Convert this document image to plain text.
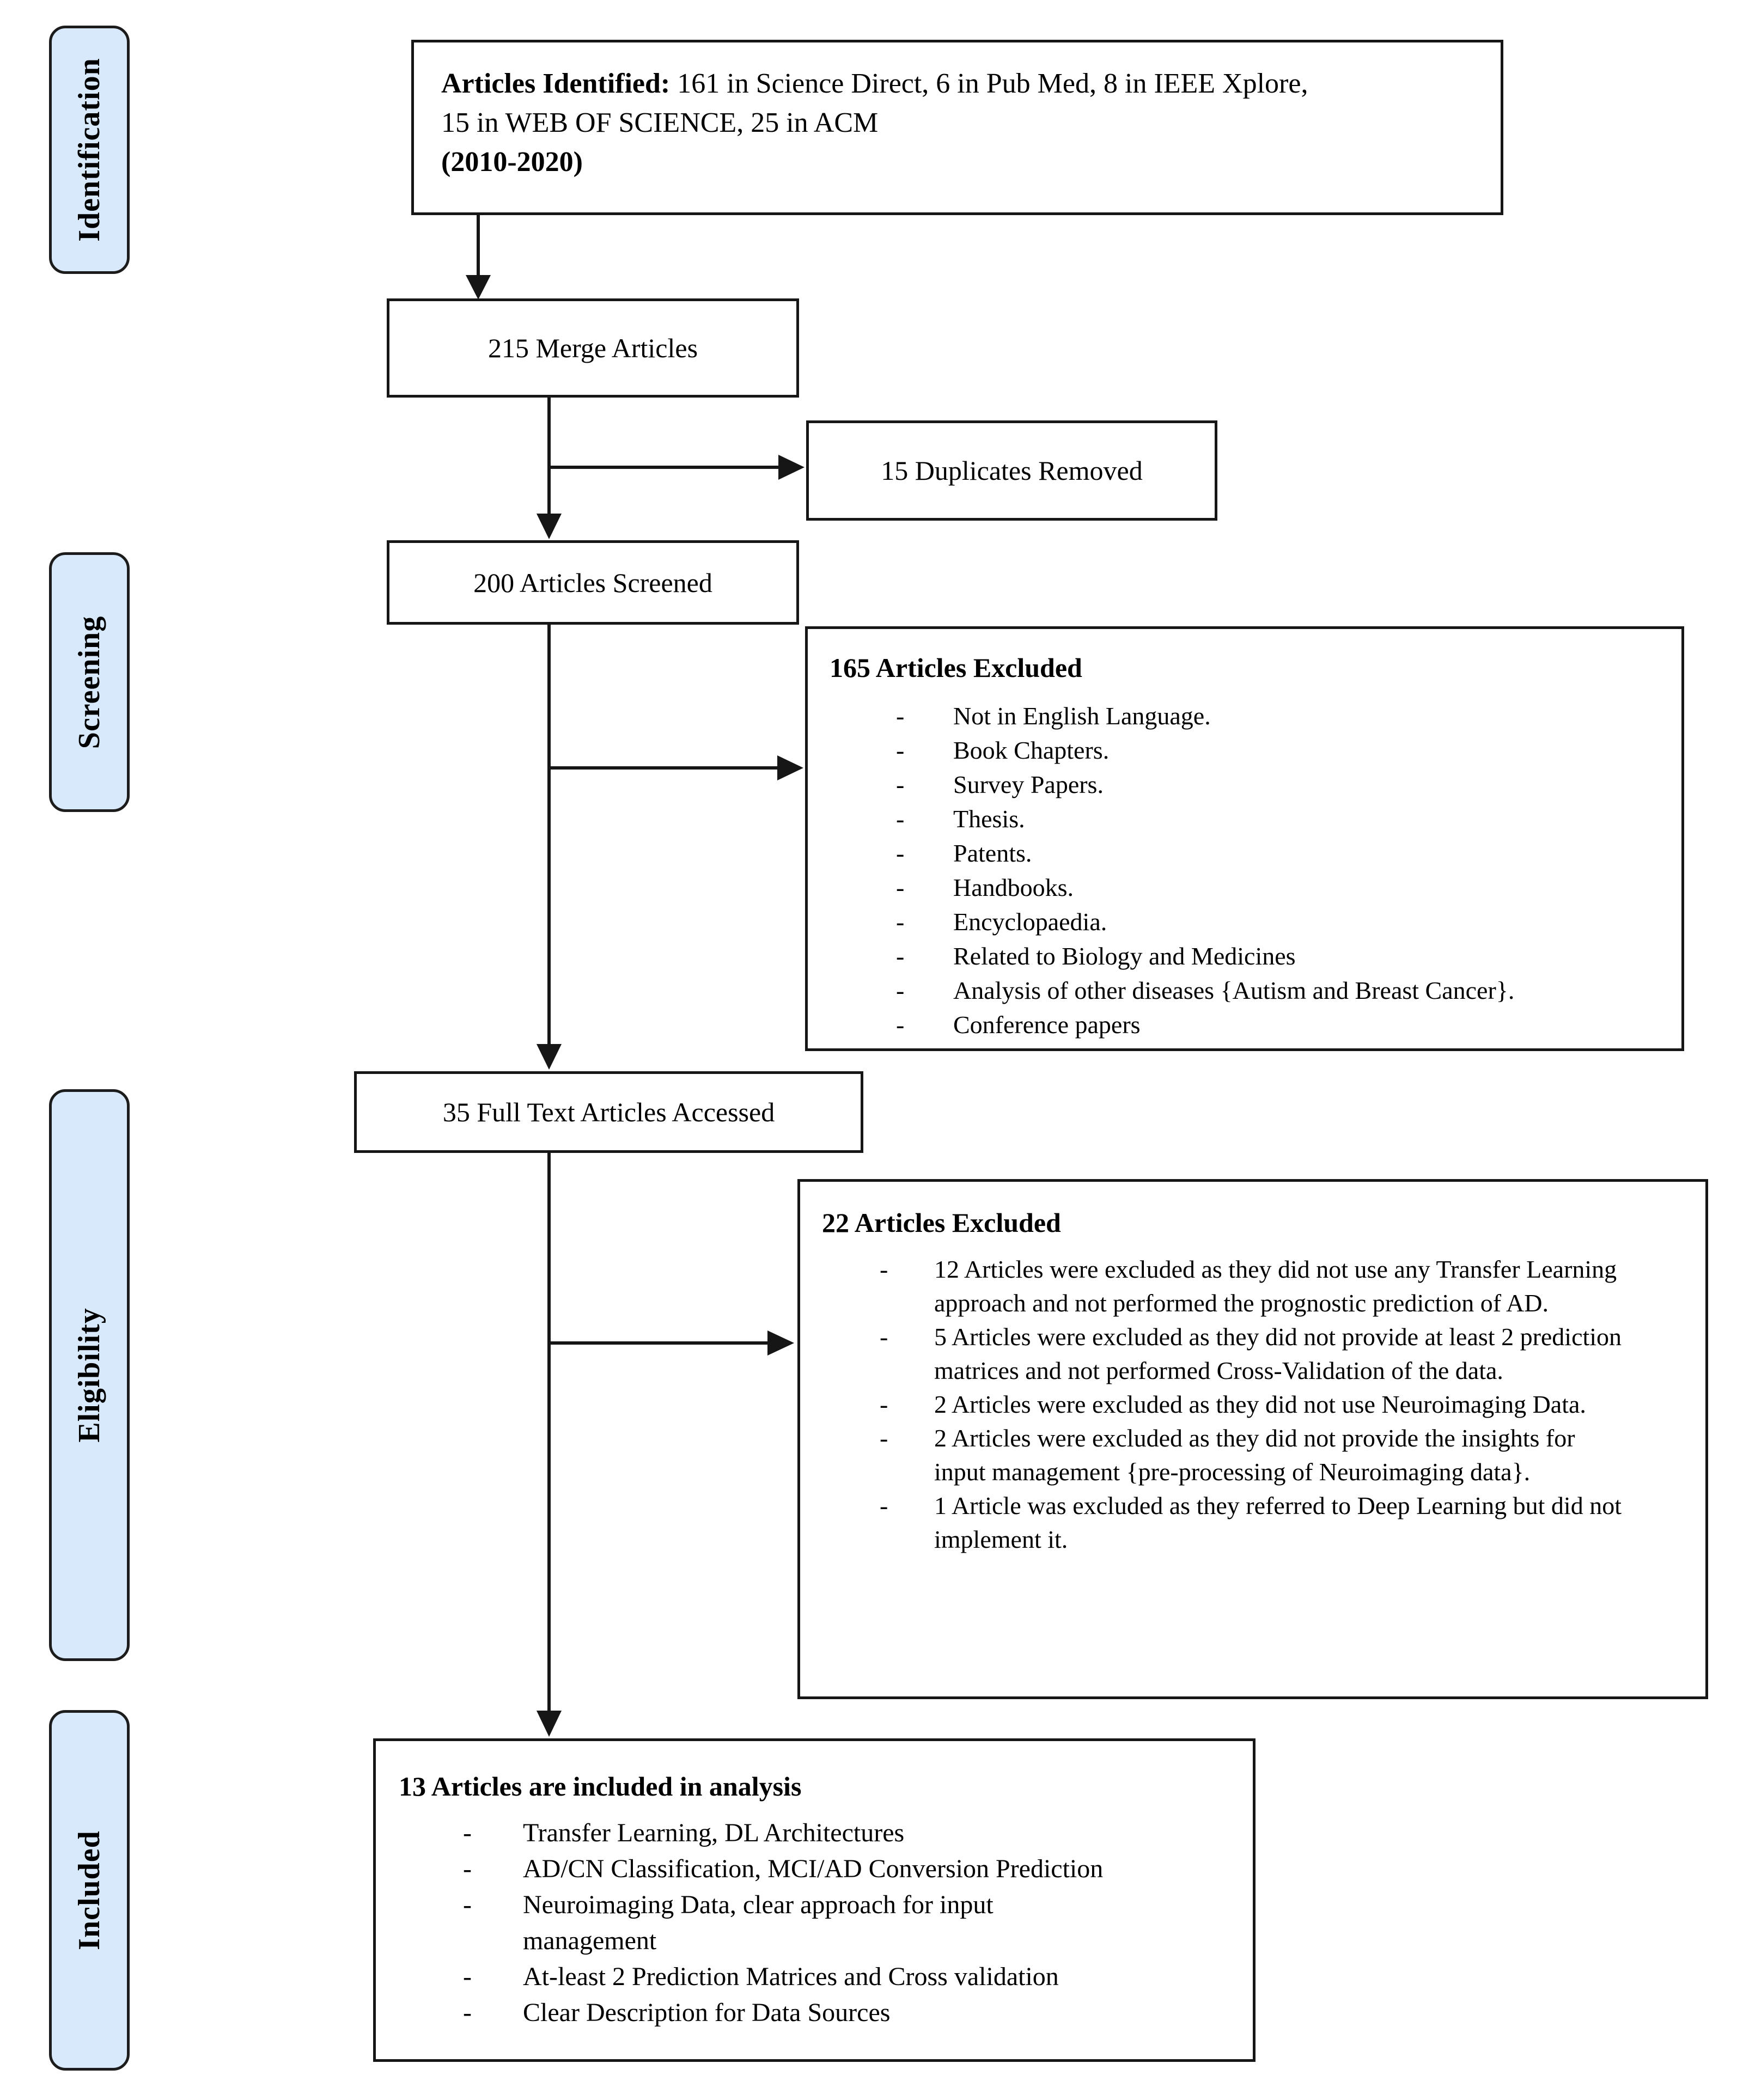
Identification
Screening
Eligibility
Included
Articles Identified: 161 in Science Direct, 6 in Pub Med, 8 in IEEE Xplore,
15 in WEB OF SCIENCE, 25 in ACM
(2010-2020)
215 Merge Articles
15 Duplicates Removed
200 Articles Screened
165 Articles Excluded
-	Not in English Language.
-	Book Chapters.
-	Survey Papers.
-	Thesis.
-	Patents.
-	Handbooks.
-	Encyclopaedia.
-	Related to Biology and Medicines
-	Analysis of other diseases {Autism and Breast Cancer}.
-	Conference papers
35 Full Text Articles Accessed
22 Articles Excluded
-	12 Articles were excluded as they did not use any Transfer Learning approach and not performed the prognostic prediction of AD.
-	5 Articles were excluded as they did not provide at least 2 prediction matrices and not performed Cross-Validation of the data.
-	2 Articles were excluded as they did not use Neuroimaging Data.
-	2 Articles were excluded as they did not provide the insights for input management {pre-processing of Neuroimaging data}.
-	1 Article was excluded as they referred to Deep Learning but did not implement it.
13 Articles are included in analysis
-	Transfer Learning, DL Architectures
-	AD/CN Classification, MCI/AD Conversion Prediction
-	Neuroimaging Data, clear approach for input management
-	At-least 2 Prediction Matrices and Cross validation
-	Clear Description for Data Sources
